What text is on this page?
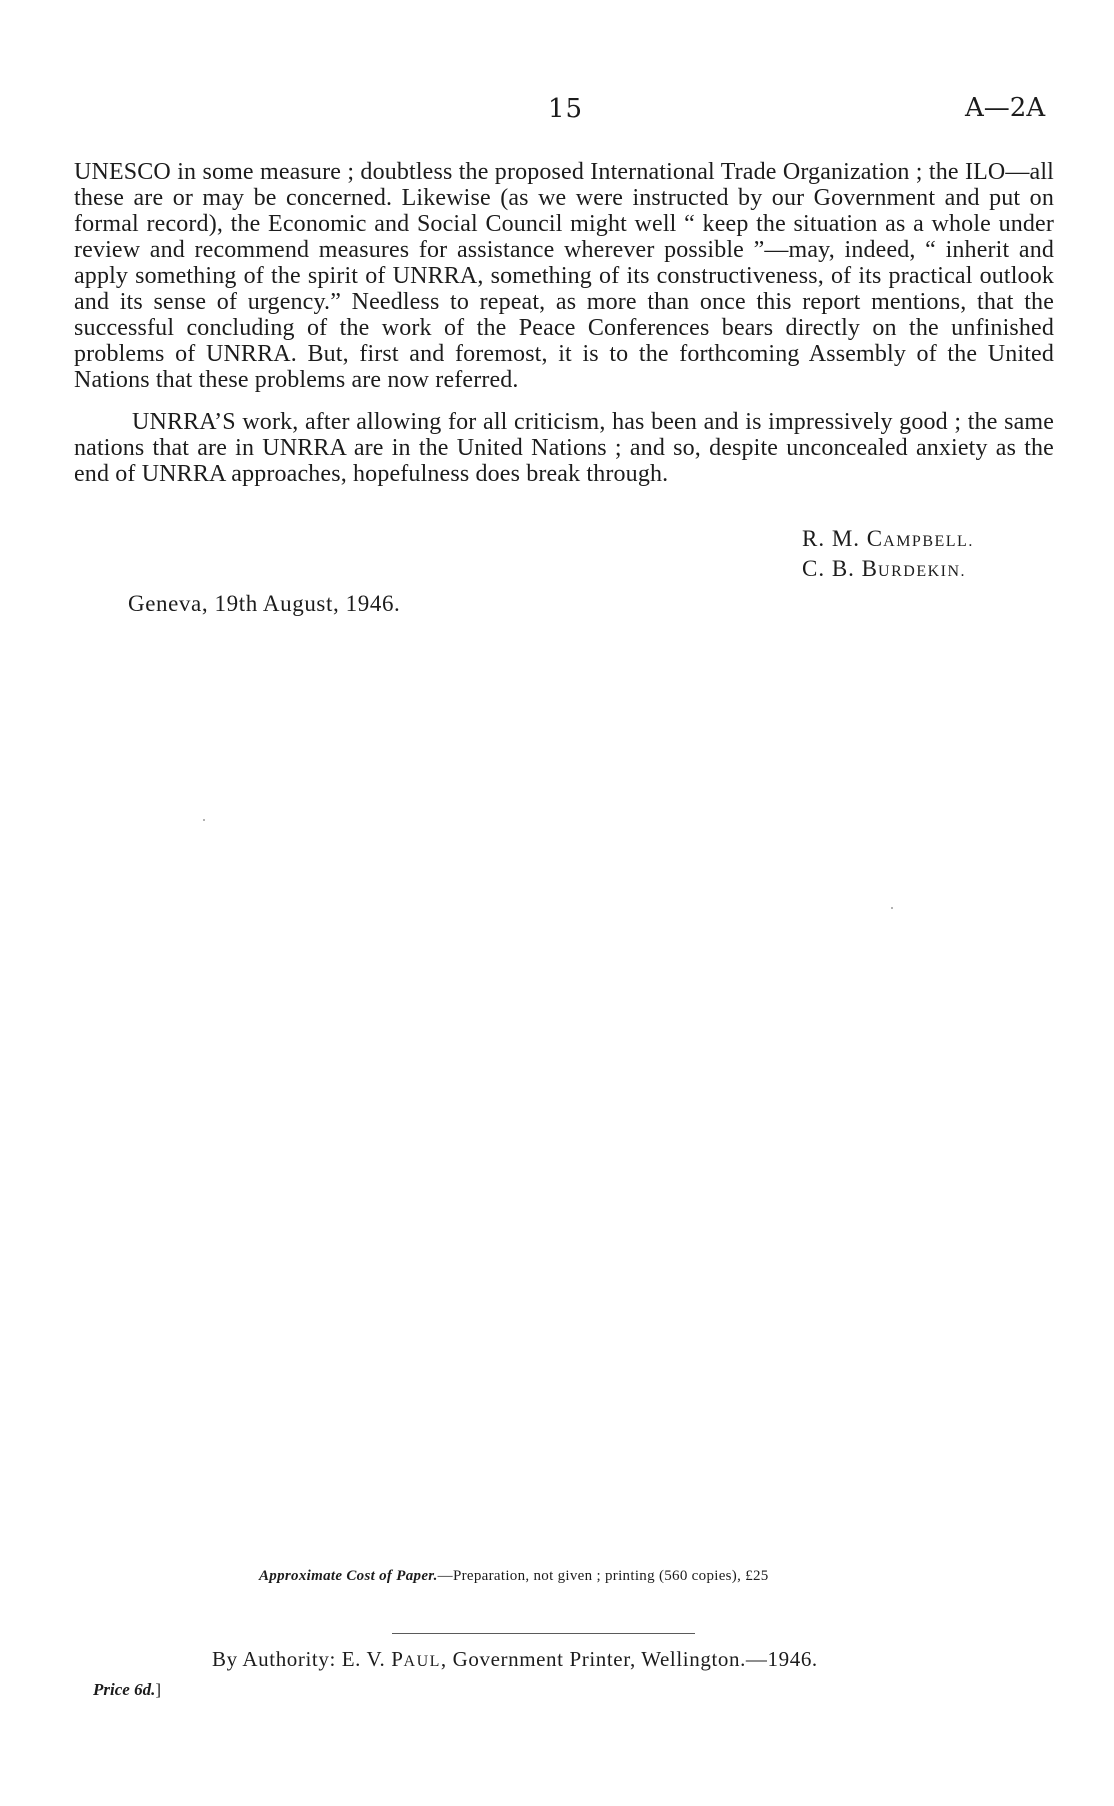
15	A—2A

UNESCO in some measure ; doubtless the proposed International Trade Organization ; the ILO—all these are or may be concerned. Likewise (as we were instructed by our Government and put on formal record), the Economic and Social Council might well “ keep the situation as a whole under review and recommend measures for assistance wherever possible ”—may, indeed, “ inherit and apply something of the spirit of UNRRA, something of its constructiveness, of its practical outlook and its sense of urgency.” Needless to repeat, as more than once this report mentions, that the successful concluding of the work of the Peace Conferences bears directly on the unfinished problems of UNRRA. But, first and foremost, it is to the forthcoming Assembly of the United Nations that these problems are now referred.

UNRRA’S work, after allowing for all criticism, has been and is impressively good ; the same nations that are in UNRRA are in the United Nations ; and so, despite unconcealed anxiety as the end of UNRRA approaches, hopefulness does break through.

R. M. CAMPBELL.
C. B. BURDEKIN.
Geneva, 19th August, 1946.
Approximate Cost of Paper.—Preparation, not given ; printing (560 copies), £25
By Authority: E. V. PAUL, Government Printer, Wellington.—1946.
Price 6d.]
